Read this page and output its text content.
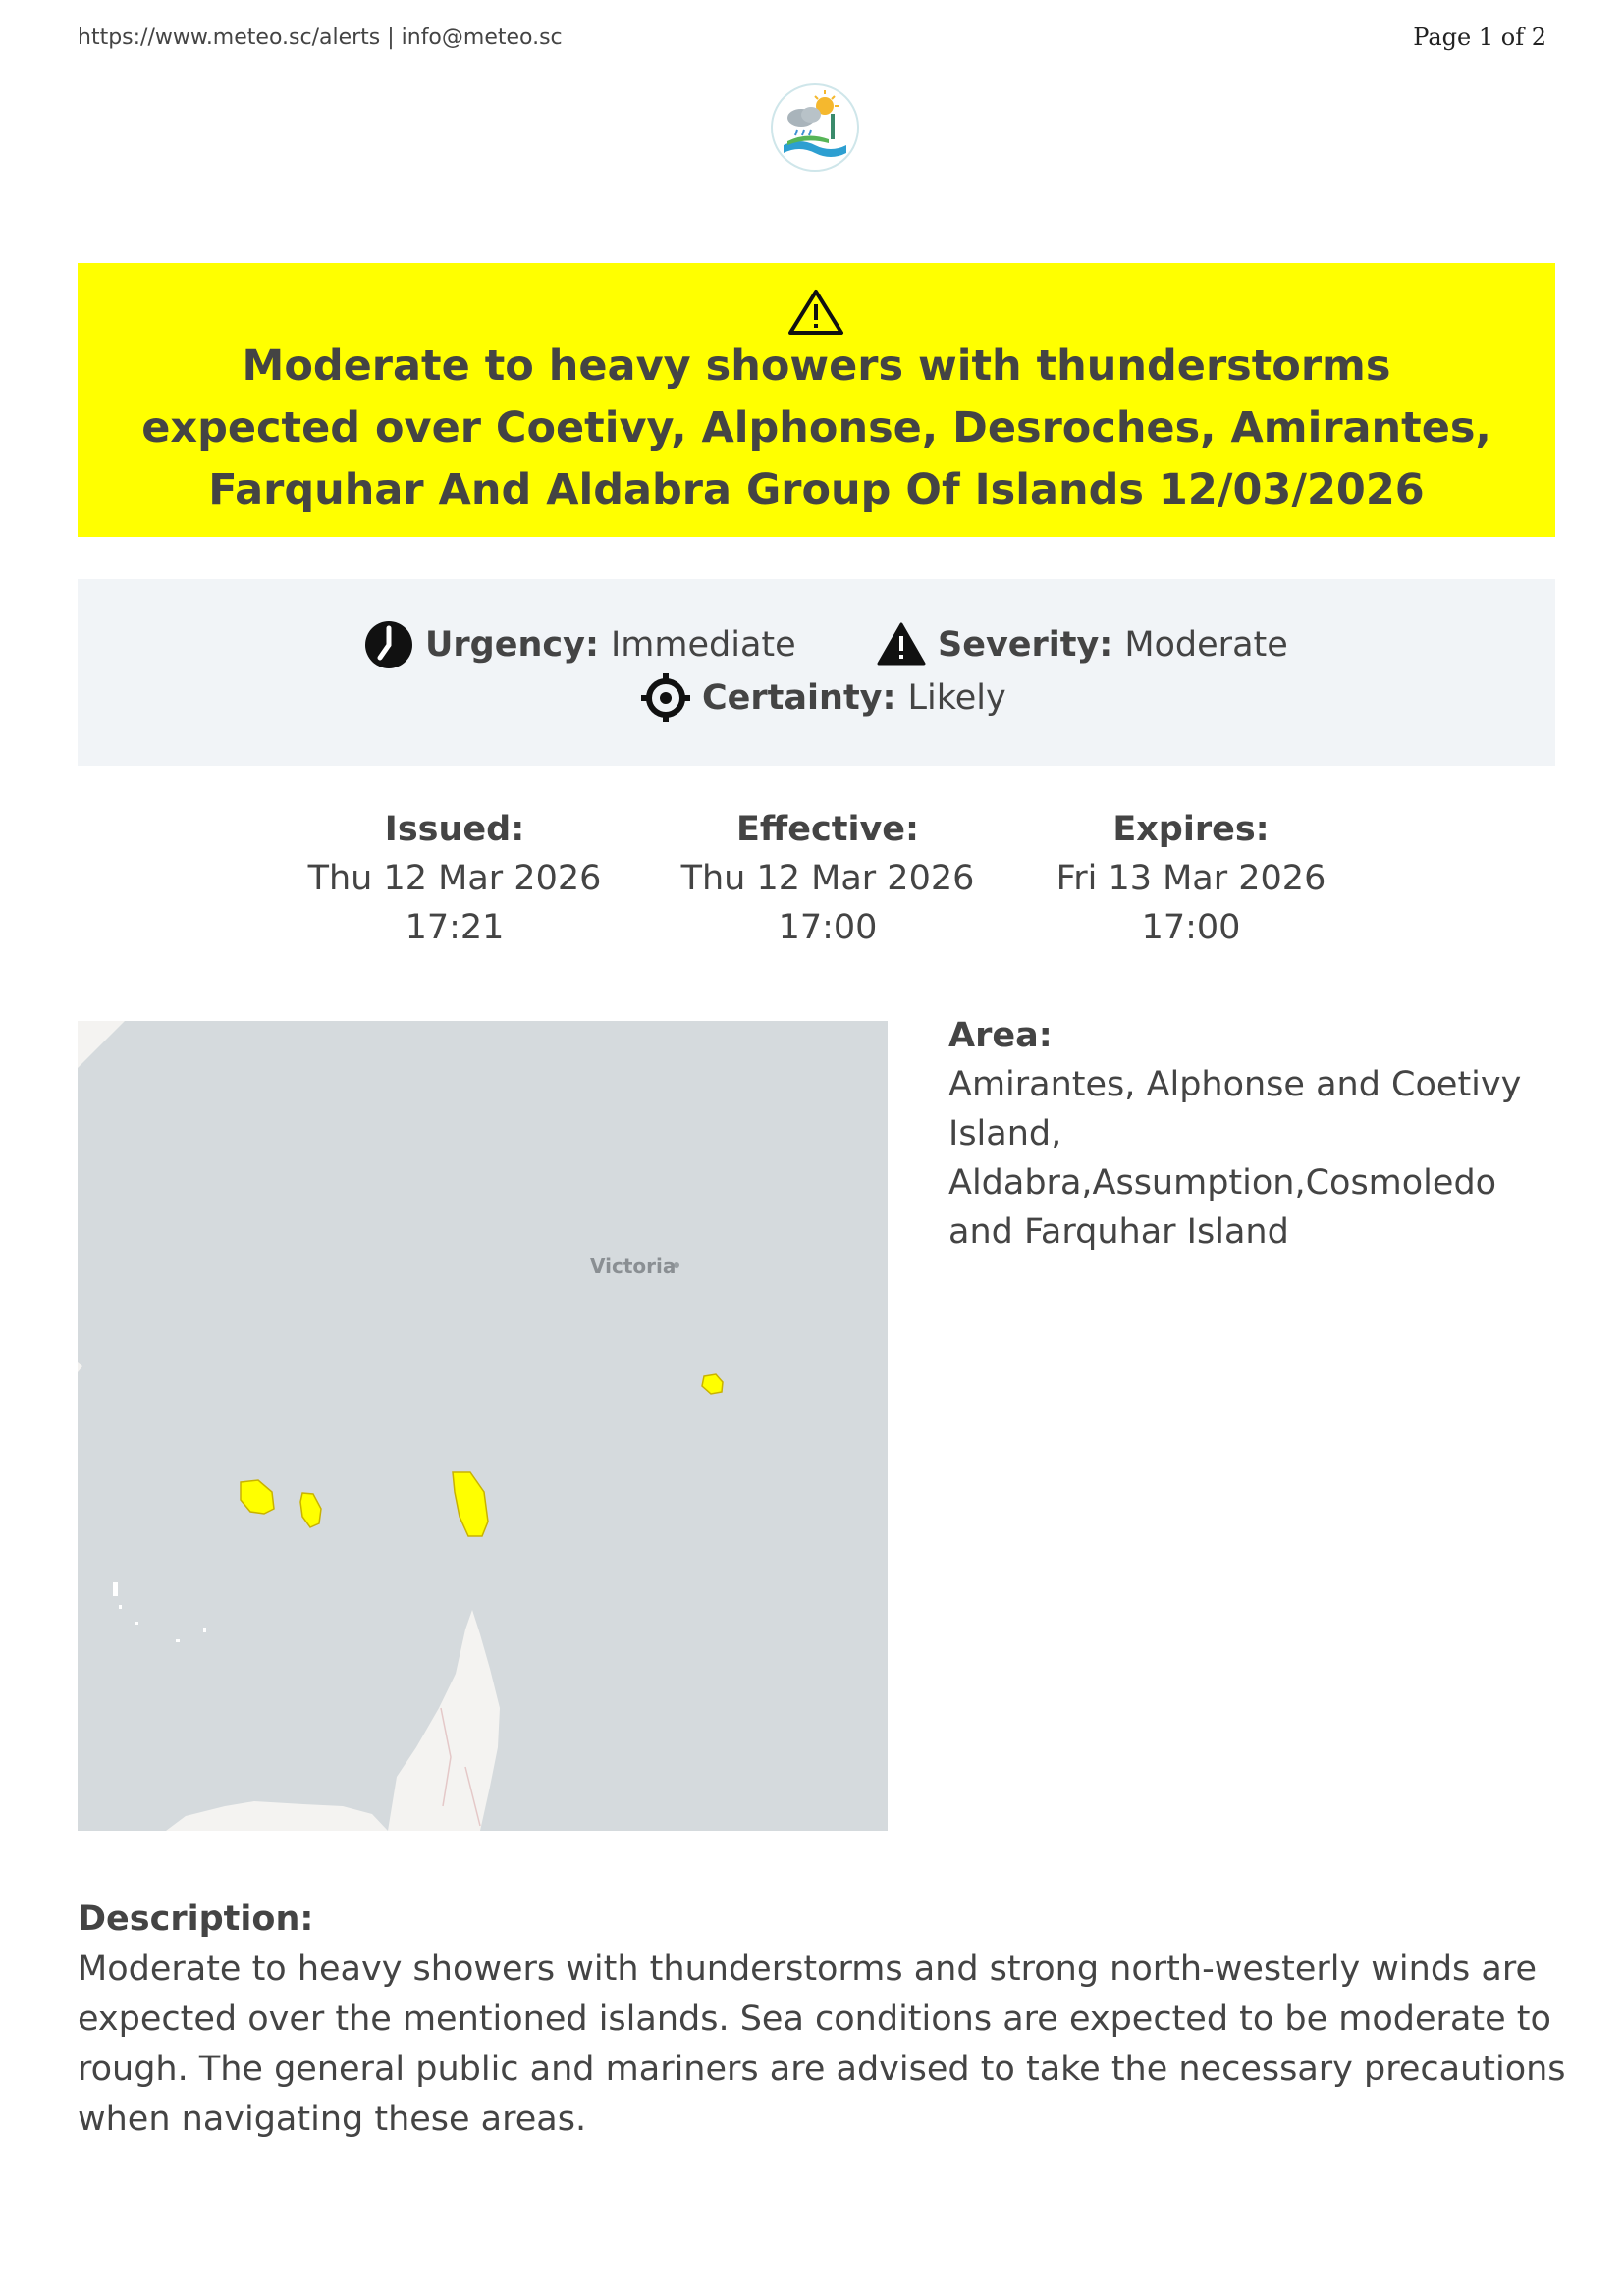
https://www.meteo.sc/alerts | info@meteo.sc	Page 1 of 2
Moderate to heavy showers with thunderstorms expected over Coetivy, Alphonse, Desroches, Amirantes, Farquhar And Aldabra Group Of Islands 12/03/2026
Urgency: Immediate	Severity: Moderate
Certainty: Likely
Issued:
Thu 12 Mar 2026
17:21
Effective:
Thu 12 Mar 2026
17:00
Expires:
Fri 13 Mar 2026
17:00
Victoria
Area:
Amirantes, Alphonse and Coetivy Island,
Aldabra,Assumption,Cosmoledo and Farquhar Island
Description:
Moderate to heavy showers with thunderstorms and strong north-westerly winds are expected over the mentioned islands. Sea conditions are expected to be moderate to rough. The general public and mariners are advised to take the necessary precautions when navigating these areas.
